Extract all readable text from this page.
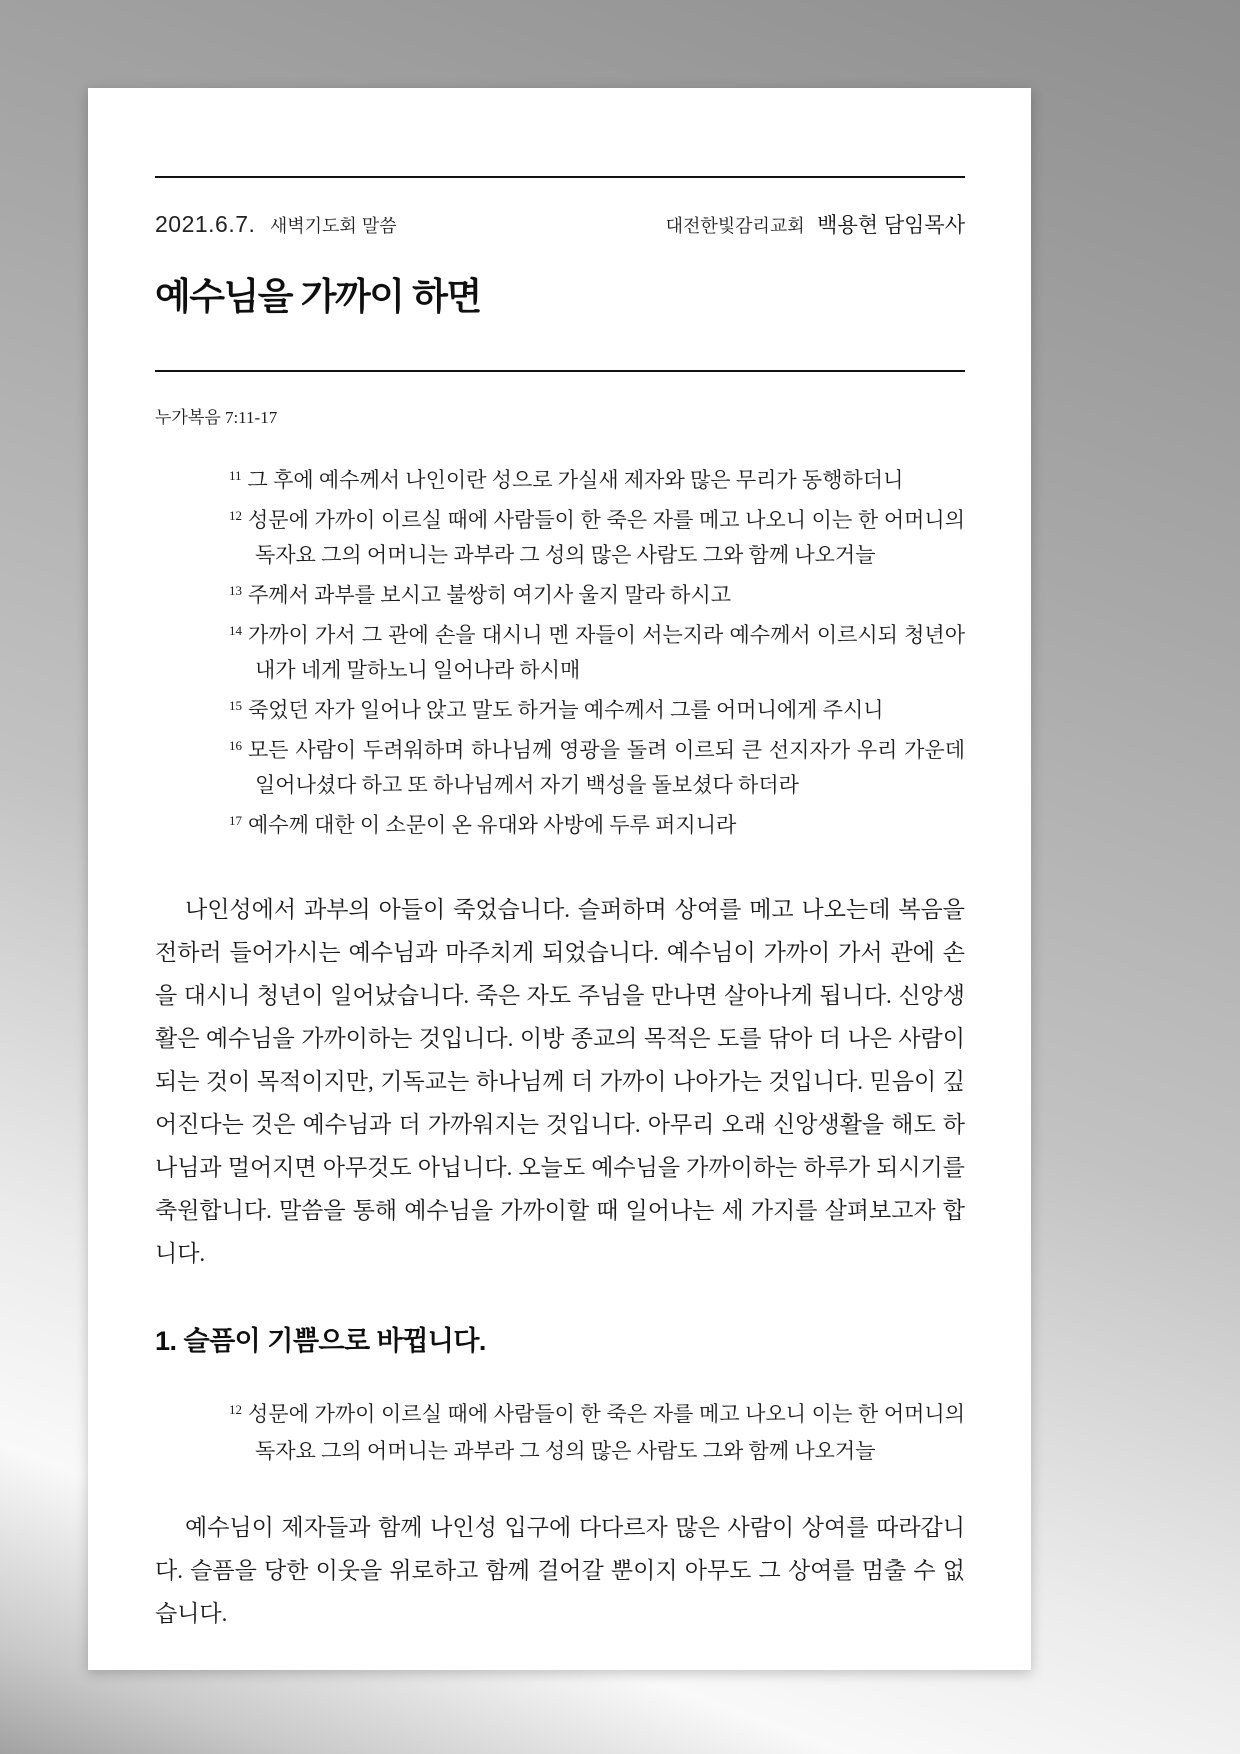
2021.6.7. 새벽기도회 말씀	대전한빛감리교회 백용현 담임목사
예수님을 가까이 하면
누가복음 7:11-17
$^{11}$ 그 후에 예수께서 나인이란 성으로 가실새 제자와 많은 무리가 동행하더니
$^{12}$ 성문에 가까이 이르실 때에 사람들이 한 죽은 자를 메고 나오니 이는 한 어머니의 독자요 그의 어머니는 과부라 그 성의 많은 사람도 그와 함께 나오거늘
$^{13}$ 주께서 과부를 보시고 불쌍히 여기사 울지 말라 하시고
$^{14}$ 가까이 가서 그 관에 손을 대시니 멘 자들이 서는지라 예수께서 이르시되 청년아 내가 네게 말하노니 일어나라 하시매
$^{15}$ 죽었던 자가 일어나 앉고 말도 하거늘 예수께서 그를 어머니에게 주시니
$^{16}$ 모든 사람이 두려워하며 하나님께 영광을 돌려 이르되 큰 선지자가 우리 가운데 일어나셨다 하고 또 하나님께서 자기 백성을 돌보셨다 하더라
$^{17}$ 예수께 대한 이 소문이 온 유대와 사방에 두루 퍼지니라
나인성에서 과부의 아들이 죽었습니다. 슬퍼하며 상여를 메고 나오는데 복음을 전하러 들어가시는 예수님과 마주치게 되었습니다. 예수님이 가까이 가서 관에 손을 대시니 청년이 일어났습니다. 죽은 자도 주님을 만나면 살아나게 됩니다. 신앙생활은 예수님을 가까이하는 것입니다. 이방 종교의 목적은 도를 닦아 더 나은 사람이 되는 것이 목적이지만, 기독교는 하나님께 더 가까이 나아가는 것입니다. 믿음이 깊어진다는 것은 예수님과 더 가까워지는 것입니다. 아무리 오래 신앙생활을 해도 하나님과 멀어지면 아무것도 아닙니다. 오늘도 예수님을 가까이하는 하루가 되시기를 축원합니다. 말씀을 통해 예수님을 가까이할 때 일어나는 세 가지를 살펴보고자 합니다.
1. 슬픔이 기쁨으로 바뀝니다.
$^{12}$ 성문에 가까이 이르실 때에 사람들이 한 죽은 자를 메고 나오니 이는 한 어머니의 독자요 그의 어머니는 과부라 그 성의 많은 사람도 그와 함께 나오거늘
예수님이 제자들과 함께 나인성 입구에 다다르자 많은 사람이 상여를 따라갑니다. 슬픔을 당한 이웃을 위로하고 함께 걸어갈 뿐이지 아무도 그 상여를 멈출 수 없습니다.
